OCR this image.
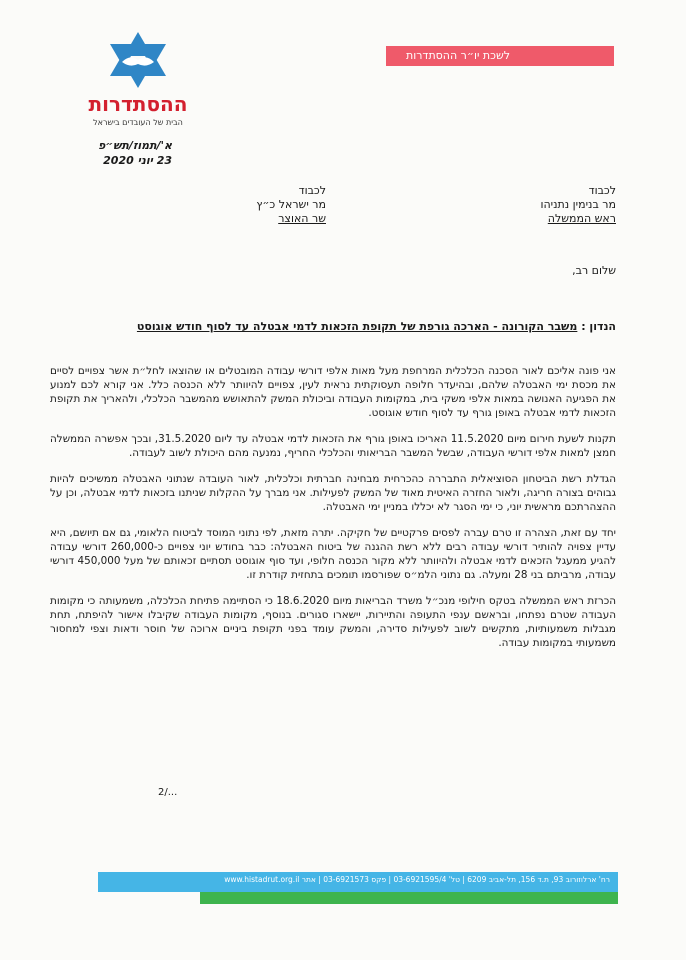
לשכת יו״ר ההסתדרות
ההסתדרות
הבית של העובדים בישראל
א'/תמוז/תש״פ
23 יוני 2020
לכבוד
מר בנימין נתניהו
ראש הממשלה
לכבוד
מר ישראל כ״ץ
שר האוצר
שלום רב,
הנדון : משבר הקורונה - הארכה גורפת של תקופת הזכאות לדמי אבטלה עד לסוף חודש אוגוסט

אני פונה אליכם לאור הסכנה הכלכלית המרחפת מעל מאות אלפי דורשי עבודה המובטלים או שהוצאו לחל״ת אשר צפויים לסיים את מכסת ימי האבטלה שלהם, ובהיעדר חלופה תעסוקתית נראית לעין, צפויים להיוותר ללא הכנסה כלל. אני קורא לכם למנוע את הפגיעה האנושה במאות אלפי משקי בית, במקומות העבודה וביכולת המשק להתאושש מהמשבר הכלכלי, ולהאריך את תקופת הזכאות לדמי אבטלה באופן גורף עד לסוף חודש אוגוסט.

תקנות לשעת חירום מיום 11.5.2020 האריכו באופן גורף את הזכאות לדמי אבטלה עד ליום 31.5.2020, ובכך אפשרה הממשלה חמצן למאות אלפי דורשי העבודה, שבשל המשבר הבריאותי והכלכלי החריף, נמנעה מהם היכולת לשוב לעבודה.

הגדלת רשת הביטחון הסוציאלית התבררה כהכרחית מבחינה חברתית וכלכלית, לאור העובדה שנתוני האבטלה ממשיכים להיות גבוהים בצורה חריגה, ולאור החזרה האיטית מאוד של המשק לפעילות. אני מברך על ההקלות שניתנו בזכאות לדמי אבטלה, וכן על ההצהרתכם מראשית יוני, כי ימי הסגר לא יכללו במניין ימי האבטלה.

יחד עם זאת, הצהרה זו טרם עברה לפסים פרקטיים של חקיקה. יתרה מזאת, לפי נתוני המוסד לביטוח הלאומי, גם אם תיושם, היא עדיין צפויה להותיר דורשי עבודה רבים ללא רשת ההגנה של ביטוח האבטלה: כבר בחודש יוני צפויים כ-260,000 דורשי עבודה להגיע ממעגל הזכאים לדמי אבטלה ולהיוותר ללא מקור הכנסה חלופי, ועד סוף אוגוסט תסתיים זכאותם של מעל 450,000 דורשי עבודה, מרביתם בני 28 ומעלה. גם נתוני הלמ״ס שפורסמו תומכים בתחזית קודרת זו.

הכרזת ראש הממשלה בטקס חילופי מנכ״ל משרד הבריאות מיום 18.6.2020 כי הסתיימה פתיחת הכלכלה, משמעותה כי מקומות העבודה שטרם נפתחו, ובראשם ענפי התעופה והתיירות, יישארו סגורים. בנוסף, מקומות העבודה שקיבלו אישור להיפתח, תחת מגבלות משמעותיות, מתקשים לשוב לפעילות סדירה, והמשק עומד בפני תקופת ביניים ארוכה של חוסר ודאות וצפי למחסור משמעותי במקומות עבודה.

2/...
רח' ארלוזורוב 93, ת.ד 156, תל-אביב 6209 | טל' 03-6921595/4 | פקס 03-6921573 | אתר www.histadrut.org.il
